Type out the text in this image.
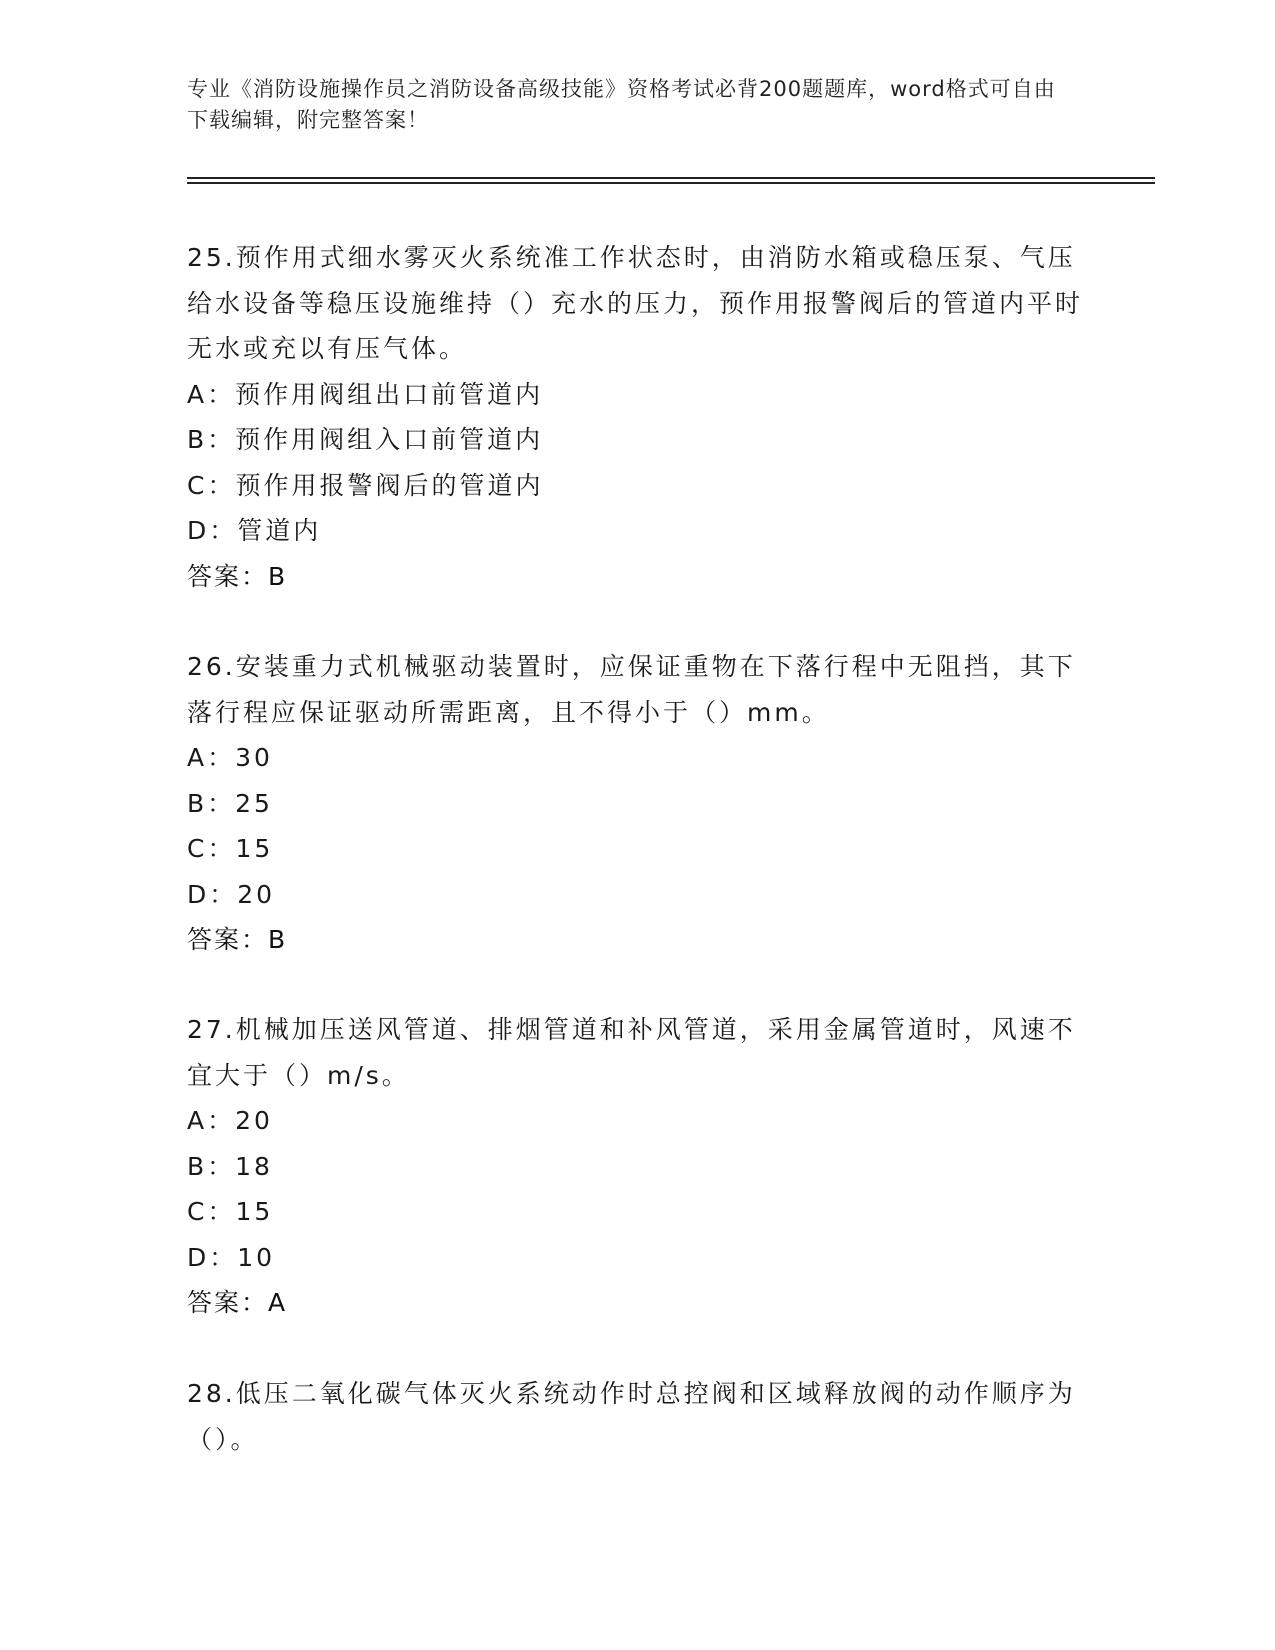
专业《消防设施操作员之消防设备高级技能》资格考试必背200题题库，word格式可自由下载编辑，附完整答案！
25.预作用式细水雾灭火系统准工作状态时，由消防水箱或稳压泵、气压给水设备等稳压设施维持（）充水的压力，预作用报警阀后的管道内平时无水或充以有压气体。
A：预作用阀组出口前管道内
B：预作用阀组入口前管道内
C：预作用报警阀后的管道内
D：管道内
答案：B
26.安装重力式机械驱动装置时，应保证重物在下落行程中无阻挡，其下落行程应保证驱动所需距离，且不得小于（）mm。
A：30
B：25
C：15
D：20
答案：B
27.机械加压送风管道、排烟管道和补风管道，采用金属管道时，风速不宜大于（）m/s。
A：20
B：18
C：15
D：10
答案：A
28.低压二氧化碳气体灭火系统动作时总控阀和区域释放阀的动作顺序为（）。
